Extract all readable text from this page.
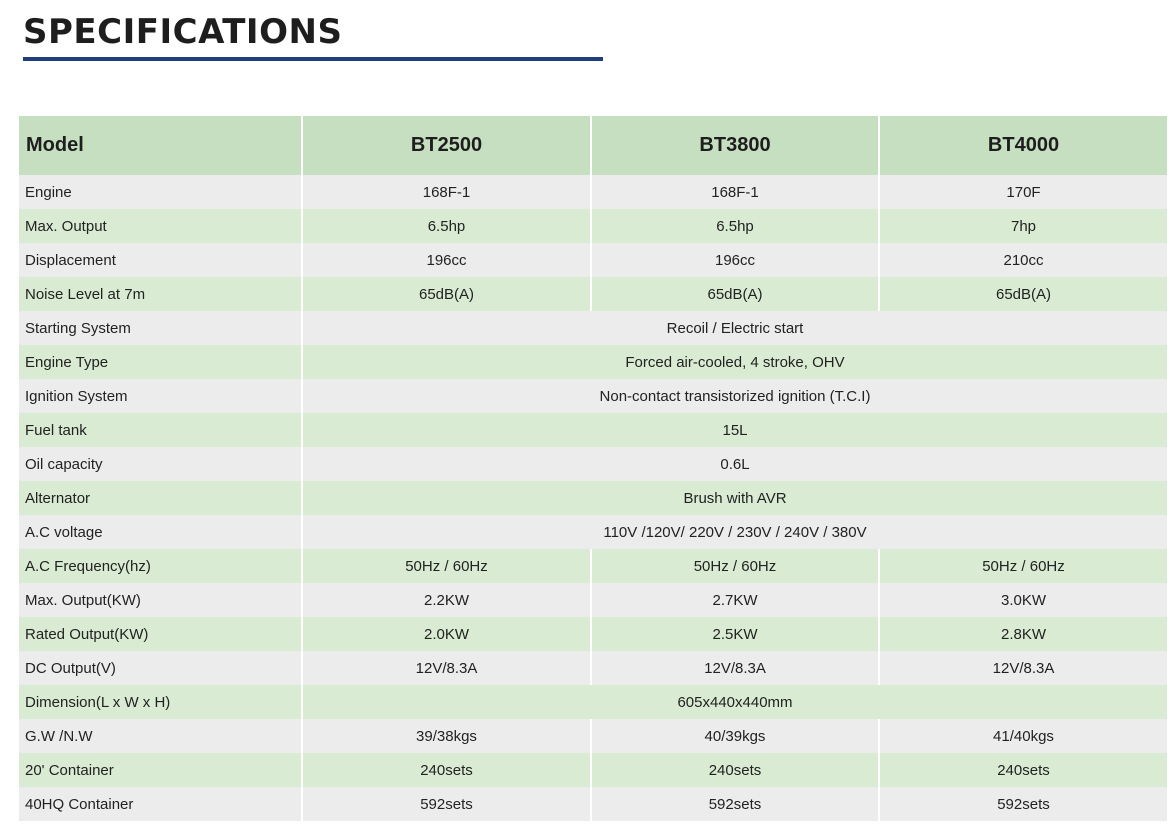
SPECIFICATIONS
Model	BT2500	BT3800	BT4000
Engine	168F-1	168F-1	170F
Max. Output	6.5hp	6.5hp	7hp
Displacement	196cc	196cc	210cc
Noise Level at 7m	65dB(A)	65dB(A)	65dB(A)
Starting System	Recoil / Electric start		
Engine Type	Forced air-cooled, 4 stroke, OHV		
Ignition System	Non-contact transistorized ignition (T.C.I)		
Fuel tank	15L		
Oil capacity	0.6L		
Alternator	Brush with AVR		
A.C voltage	110V /120V/ 220V / 230V / 240V / 380V		
A.C Frequency(hz)	50Hz / 60Hz	50Hz / 60Hz	50Hz / 60Hz
Max. Output(KW)	2.2KW	2.7KW	3.0KW
Rated Output(KW)	2.0KW	2.5KW	2.8KW
DC Output(V)	12V/8.3A	12V/8.3A	12V/8.3A
Dimension(L x W x H)	605x440x440mm		
G.W /N.W	39/38kgs	40/39kgs	41/40kgs
20' Container	240sets	240sets	240sets
40HQ Container	592sets	592sets	592sets
